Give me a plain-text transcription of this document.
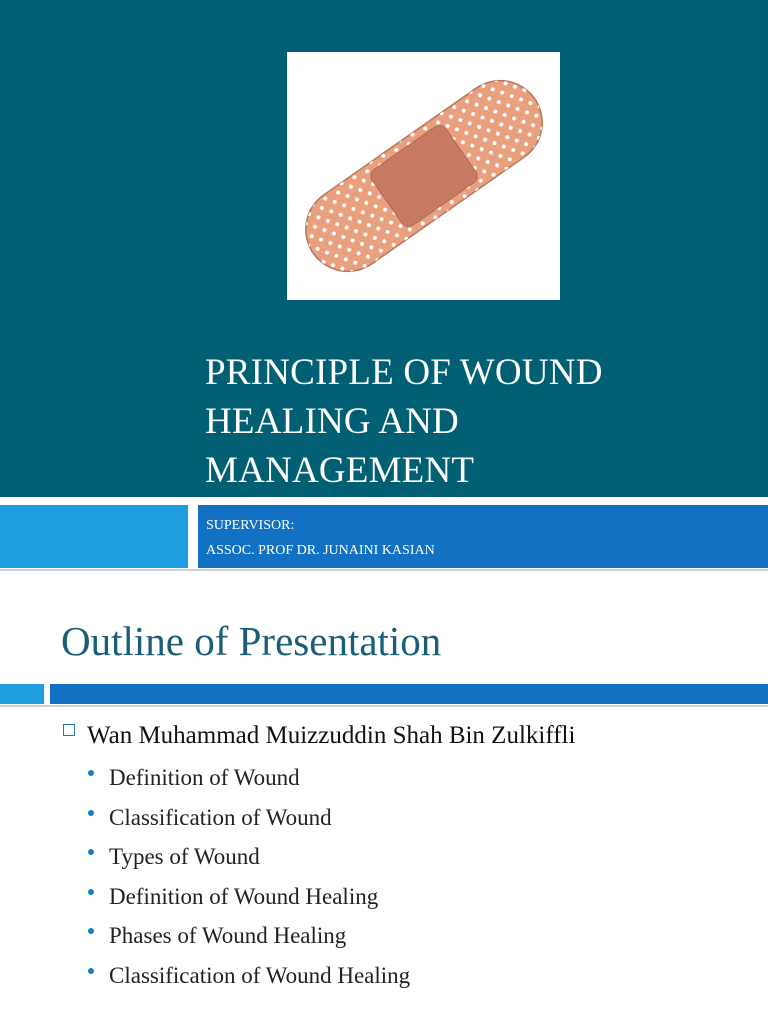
PRINCIPLE OF WOUND
HEALING AND
MANAGEMENT
SUPERVISOR:
ASSOC. PROF DR. JUNAINI KASIAN
Outline of Presentation
Wan Muhammad Muizzuddin Shah Bin Zulkiffli
Definition of Wound
Classification of Wound
Types of Wound
Definition of Wound Healing
Phases of Wound Healing
Classification of Wound Healing
